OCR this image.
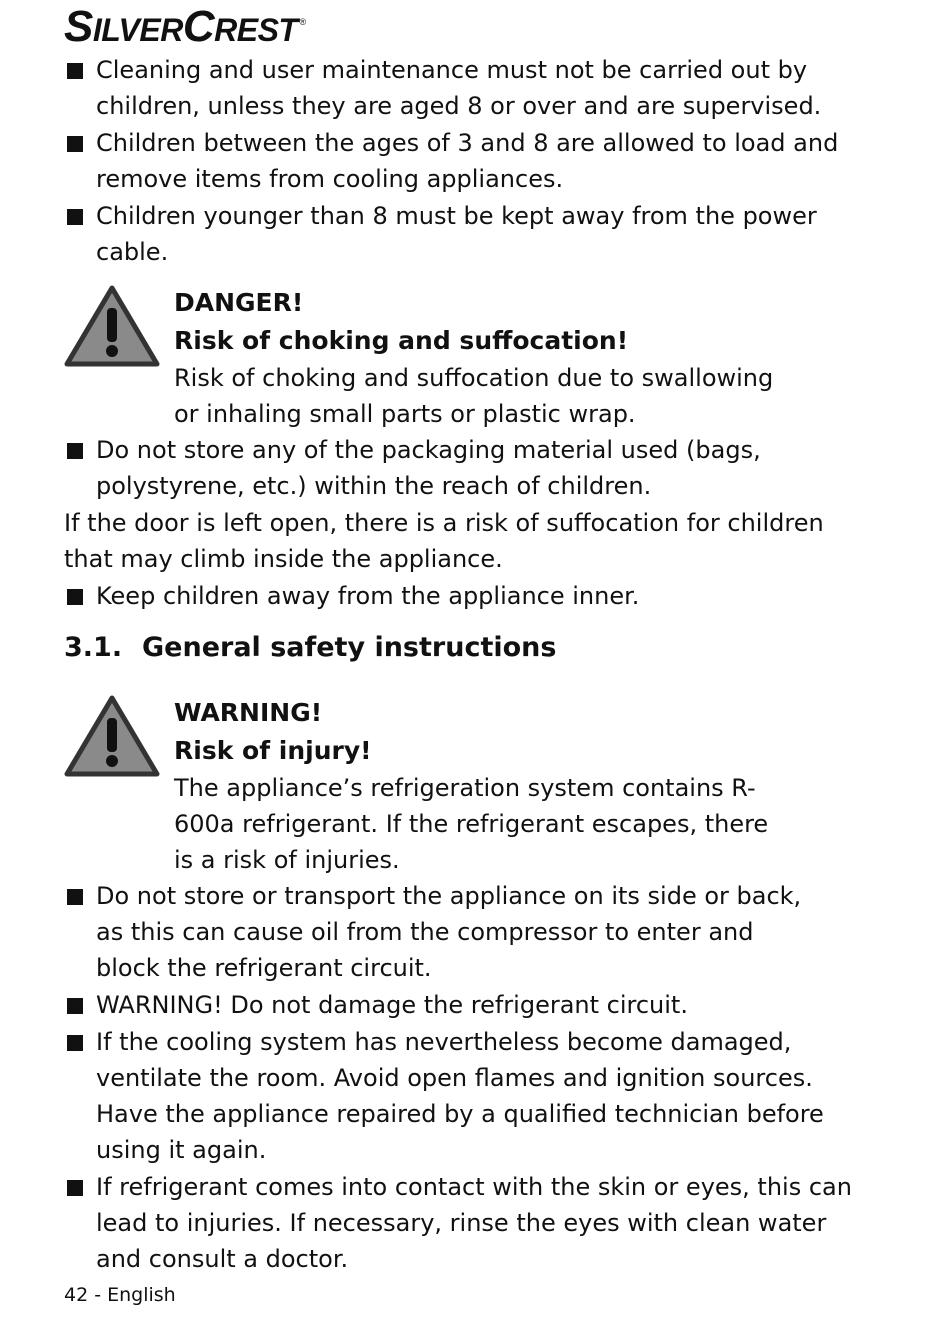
SILVERCREST ®
Cleaning and user maintenance must not be carried out by children, unless they are aged 8 or over and are supervised.
Children between the ages of 3 and 8 are allowed to load and remove items from cooling appliances.
Children younger than 8 must be kept away from the power cable.
DANGER!
Risk of choking and suffocation!
Risk of choking and suffocation due to swallowing or inhaling small parts or plastic wrap.
Do not store any of the packaging material used (bags, polystyrene, etc.) within the reach of children.
If the door is left open, there is a risk of suffocation for children that may climb inside the appliance.
Keep children away from the appliance inner.
3.1. General safety instructions
WARNING!
Risk of injury!
The appliance’s refrigeration system contains R-600a refrigerant. If the refrigerant escapes, there is a risk of injuries.
Do not store or transport the appliance on its side or back, as this can cause oil from the compressor to enter and block the refrigerant circuit.
WARNING! Do not damage the refrigerant circuit.
If the cooling system has nevertheless become damaged, ventilate the room. Avoid open flames and ignition sources. Have the appliance repaired by a qualified technician before using it again.
If refrigerant comes into contact with the skin or eyes, this can lead to injuries. If necessary, rinse the eyes with clean water and consult a doctor.
42 - English
